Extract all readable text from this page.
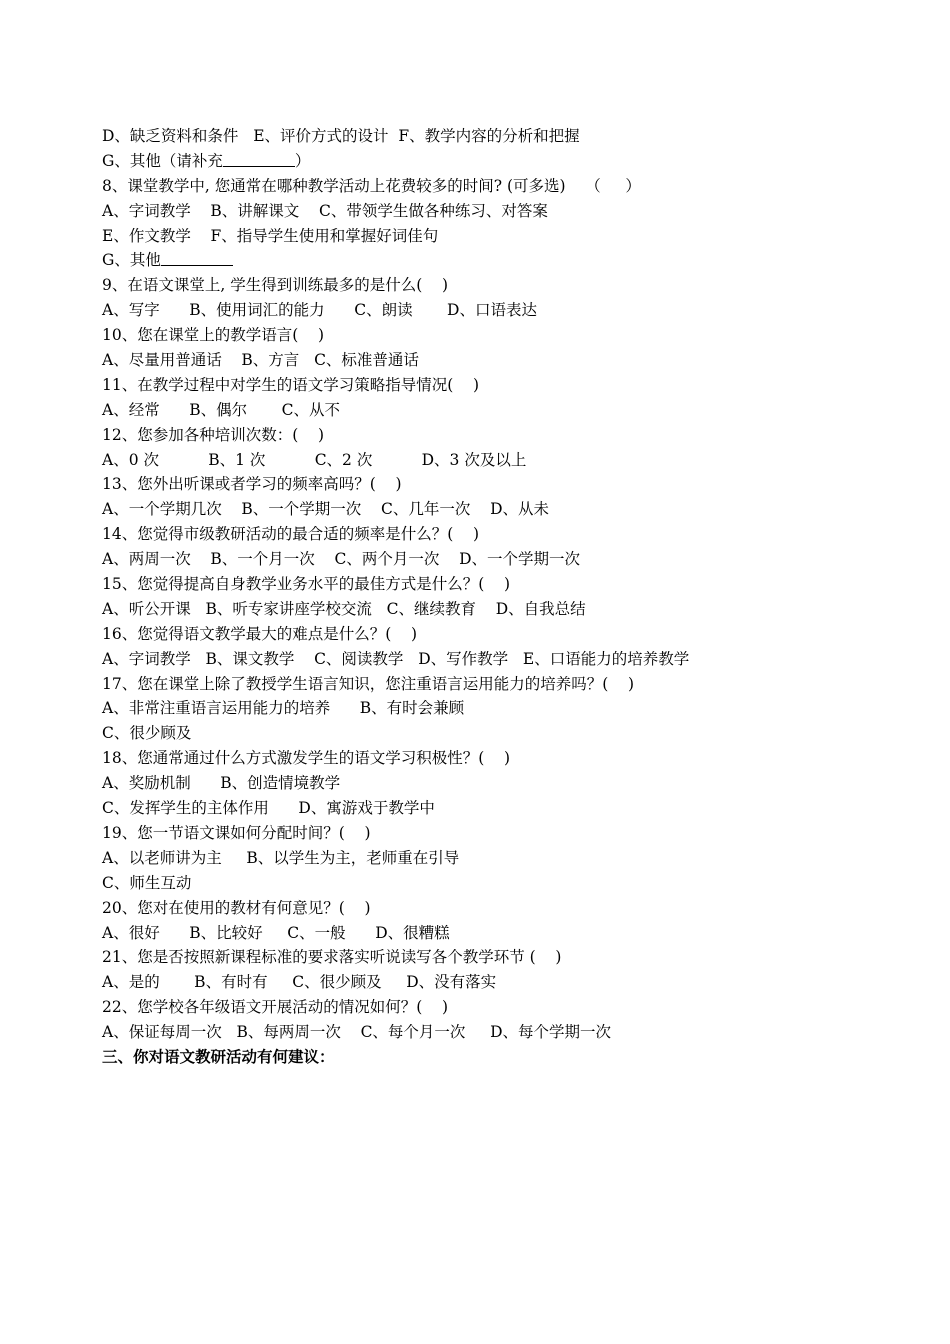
D、缺乏资料和条件   E、评价方式的设计  F、教学内容的分析和把握
G、其他（请补充	）
8、课堂教学中, 您通常在哪种教学活动上花费较多的时间? (可多选)    （     ）
A、字词教学    B、讲解课文    C、带领学生做各种练习、对答案
E、作文教学    F、指导学生使用和掌握好词佳句
G、其他
9、在语文课堂上, 学生得到训练最多的是什么(    )
A、写字      B、使用词汇的能力      C、朗读       D、口语表达
10、您在课堂上的教学语言(    )
A、尽量用普通话    B、方言   C、标准普通话
11、在教学过程中对学生的语文学习策略指导情况(    )
A、经常      B、偶尔       C、从不
12、您参加各种培训次数：(    )
A、0 次          B、1 次          C、2 次          D、3 次及以上
13、您外出听课或者学习的频率高吗？(    )
A、一个学期几次    B、一个学期一次    C、几年一次    D、从未
14、您觉得市级教研活动的最合适的频率是什么？(    )
A、两周一次    B、一个月一次    C、两个月一次    D、一个学期一次
15、您觉得提高自身教学业务水平的最佳方式是什么？(    )
A、听公开课   B、听专家讲座学校交流   C、继续教育    D、自我总结
16、您觉得语文教学最大的难点是什么？(    )
A、字词教学   B、课文教学    C、阅读教学   D、写作教学   E、口语能力的培养教学
17、您在课堂上除了教授学生语言知识，您注重语言运用能力的培养吗？(    )
A、非常注重语言运用能力的培养      B、有时会兼顾
C、很少顾及
18、您通常通过什么方式激发学生的语文学习积极性？(    )
A、奖励机制      B、创造情境教学
C、发挥学生的主体作用      D、寓游戏于教学中
19、您一节语文课如何分配时间？(    )
A、以老师讲为主     B、以学生为主，老师重在引导
C、师生互动
20、您对在使用的教材有何意见？(    )
A、很好      B、比较好     C、一般      D、很糟糕
21、您是否按照新课程标准的要求落实听说读写各个教学环节 (    )
A、是的       B、有时有     C、很少顾及     D、没有落实
22、您学校各年级语文开展活动的情况如何？(    )
A、保证每周一次   B、每两周一次    C、每个月一次     D、每个学期一次
三、你对语文教研活动有何建议：
